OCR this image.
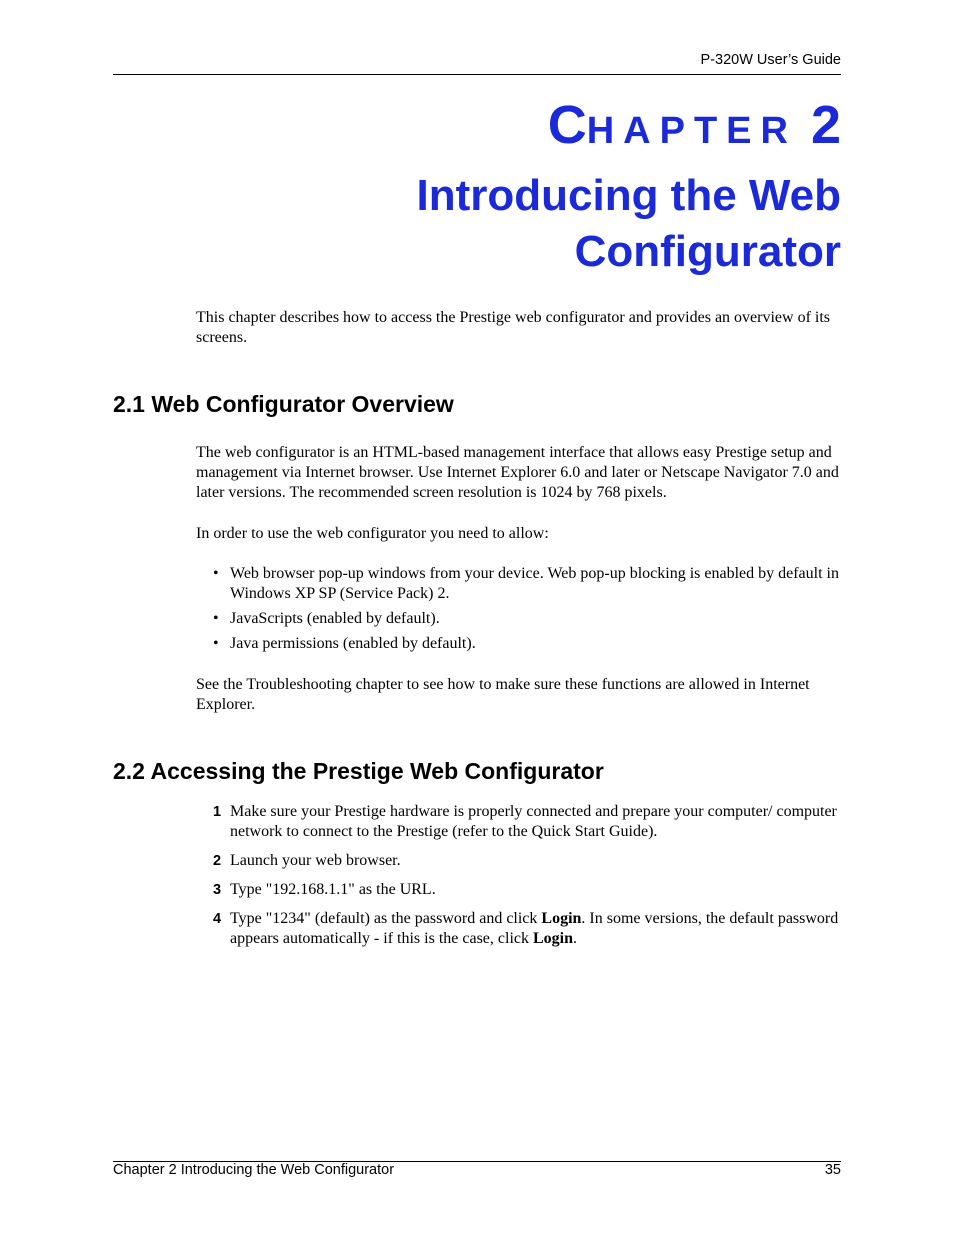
P-320W User’s Guide
CHAPTER 2
Introducing the Web
Configurator
This chapter describes how to access the Prestige web configurator and provides an overview of its screens.
2.1 Web Configurator Overview
The web configurator is an HTML-based management interface that allows easy Prestige setup and management via Internet browser. Use Internet Explorer 6.0 and later or Netscape Navigator 7.0 and later versions. The recommended screen resolution is 1024 by 768 pixels.
In order to use the web configurator you need to allow:
• Web browser pop-up windows from your device. Web pop-up blocking is enabled by default in Windows XP SP (Service Pack) 2.
• JavaScripts (enabled by default).
• Java permissions (enabled by default).
See the Troubleshooting chapter to see how to make sure these functions are allowed in Internet Explorer.
2.2 Accessing the Prestige Web Configurator
1 Make sure your Prestige hardware is properly connected and prepare your computer/ computer network to connect to the Prestige (refer to the Quick Start Guide).
2 Launch your web browser.
3 Type "192.168.1.1" as the URL.
4 Type "1234" (default) as the password and click Login. In some versions, the default password appears automatically - if this is the case, click Login.
Chapter 2 Introducing the Web Configurator	35
